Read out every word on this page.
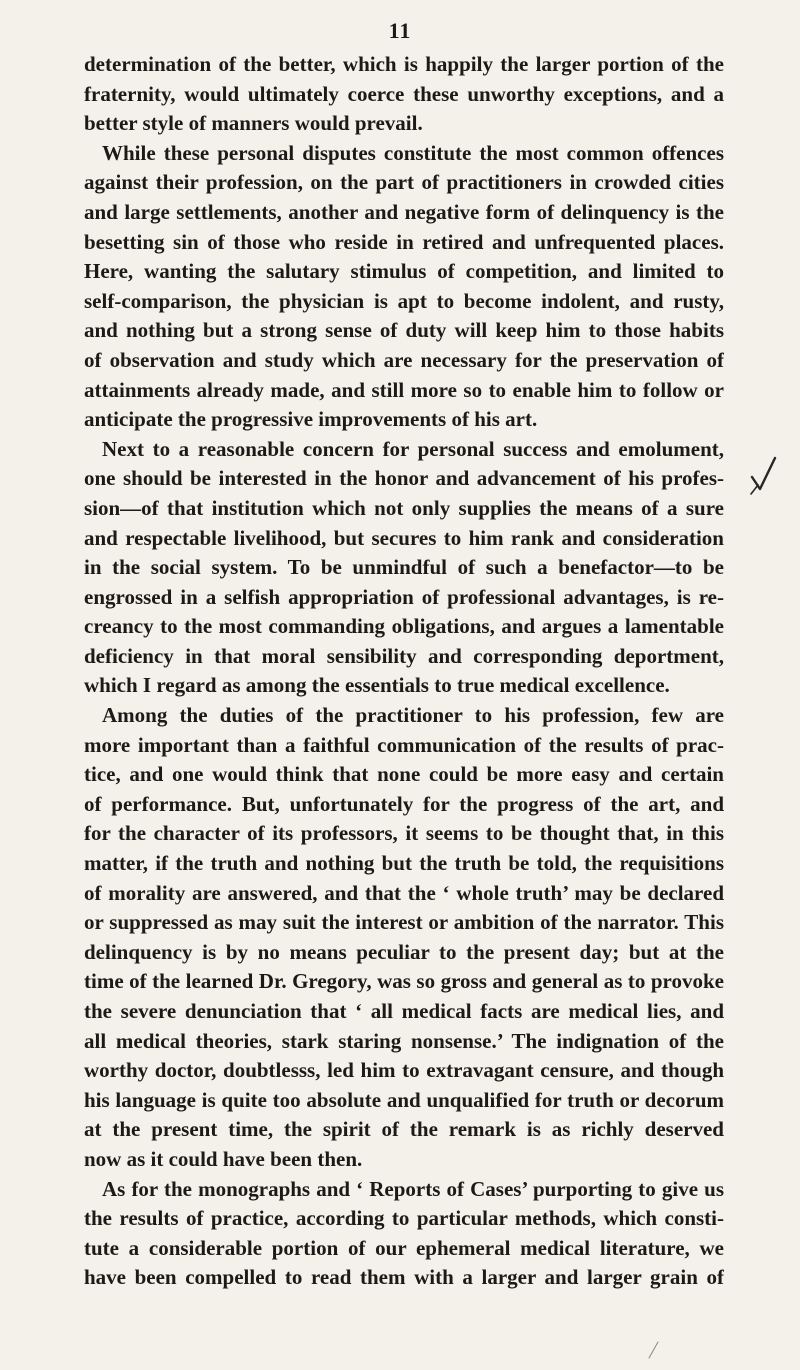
11
determination of the better, which is happily the larger portion of the
fraternity, would ultimately coerce these unworthy exceptions, and a
better style of manners would prevail.
While these personal disputes constitute the most common offences
against their profession, on the part of practitioners in crowded cities
and large settlements, another and negative form of delinquency is the
besetting sin of those who reside in retired and unfrequented places.
Here, wanting the salutary stimulus of competition, and limited to
self-comparison, the physician is apt to become indolent, and rusty,
and nothing but a strong sense of duty will keep him to those habits
of observation and study which are necessary for the preservation of
attainments already made, and still more so to enable him to follow or
anticipate the progressive improvements of his art.
Next to a reasonable concern for personal success and emolument,
one should be interested in the honor and advancement of his profes-
sion—of that institution which not only supplies the means of a sure
and respectable livelihood, but secures to him rank and consideration
in the social system. To be unmindful of such a benefactor—to be
engrossed in a selfish appropriation of professional advantages, is re-
creancy to the most commanding obligations, and argues a lamentable
deficiency in that moral sensibility and corresponding deportment,
which I regard as among the essentials to true medical excellence.
Among the duties of the practitioner to his profession, few are
more important than a faithful communication of the results of prac-
tice, and one would think that none could be more easy and certain
of performance. But, unfortunately for the progress of the art, and
for the character of its professors, it seems to be thought that, in this
matter, if the truth and nothing but the truth be told, the requisitions
of morality are answered, and that the ‘ whole truth’ may be declared
or suppressed as may suit the interest or ambition of the narrator. This
delinquency is by no means peculiar to the present day; but at the
time of the learned Dr. Gregory, was so gross and general as to provoke
the severe denunciation that ‘ all medical facts are medical lies, and
all medical theories, stark staring nonsense.’ The indignation of the
worthy doctor, doubtlesss, led him to extravagant censure, and though
his language is quite too absolute and unqualified for truth or decorum
at the present time, the spirit of the remark is as richly deserved
now as it could have been then.
As for the monographs and ‘ Reports of Cases’ purporting to give us
the results of practice, according to particular methods, which consti-
tute a considerable portion of our ephemeral medical literature, we
have been compelled to read them with a larger and larger grain of
